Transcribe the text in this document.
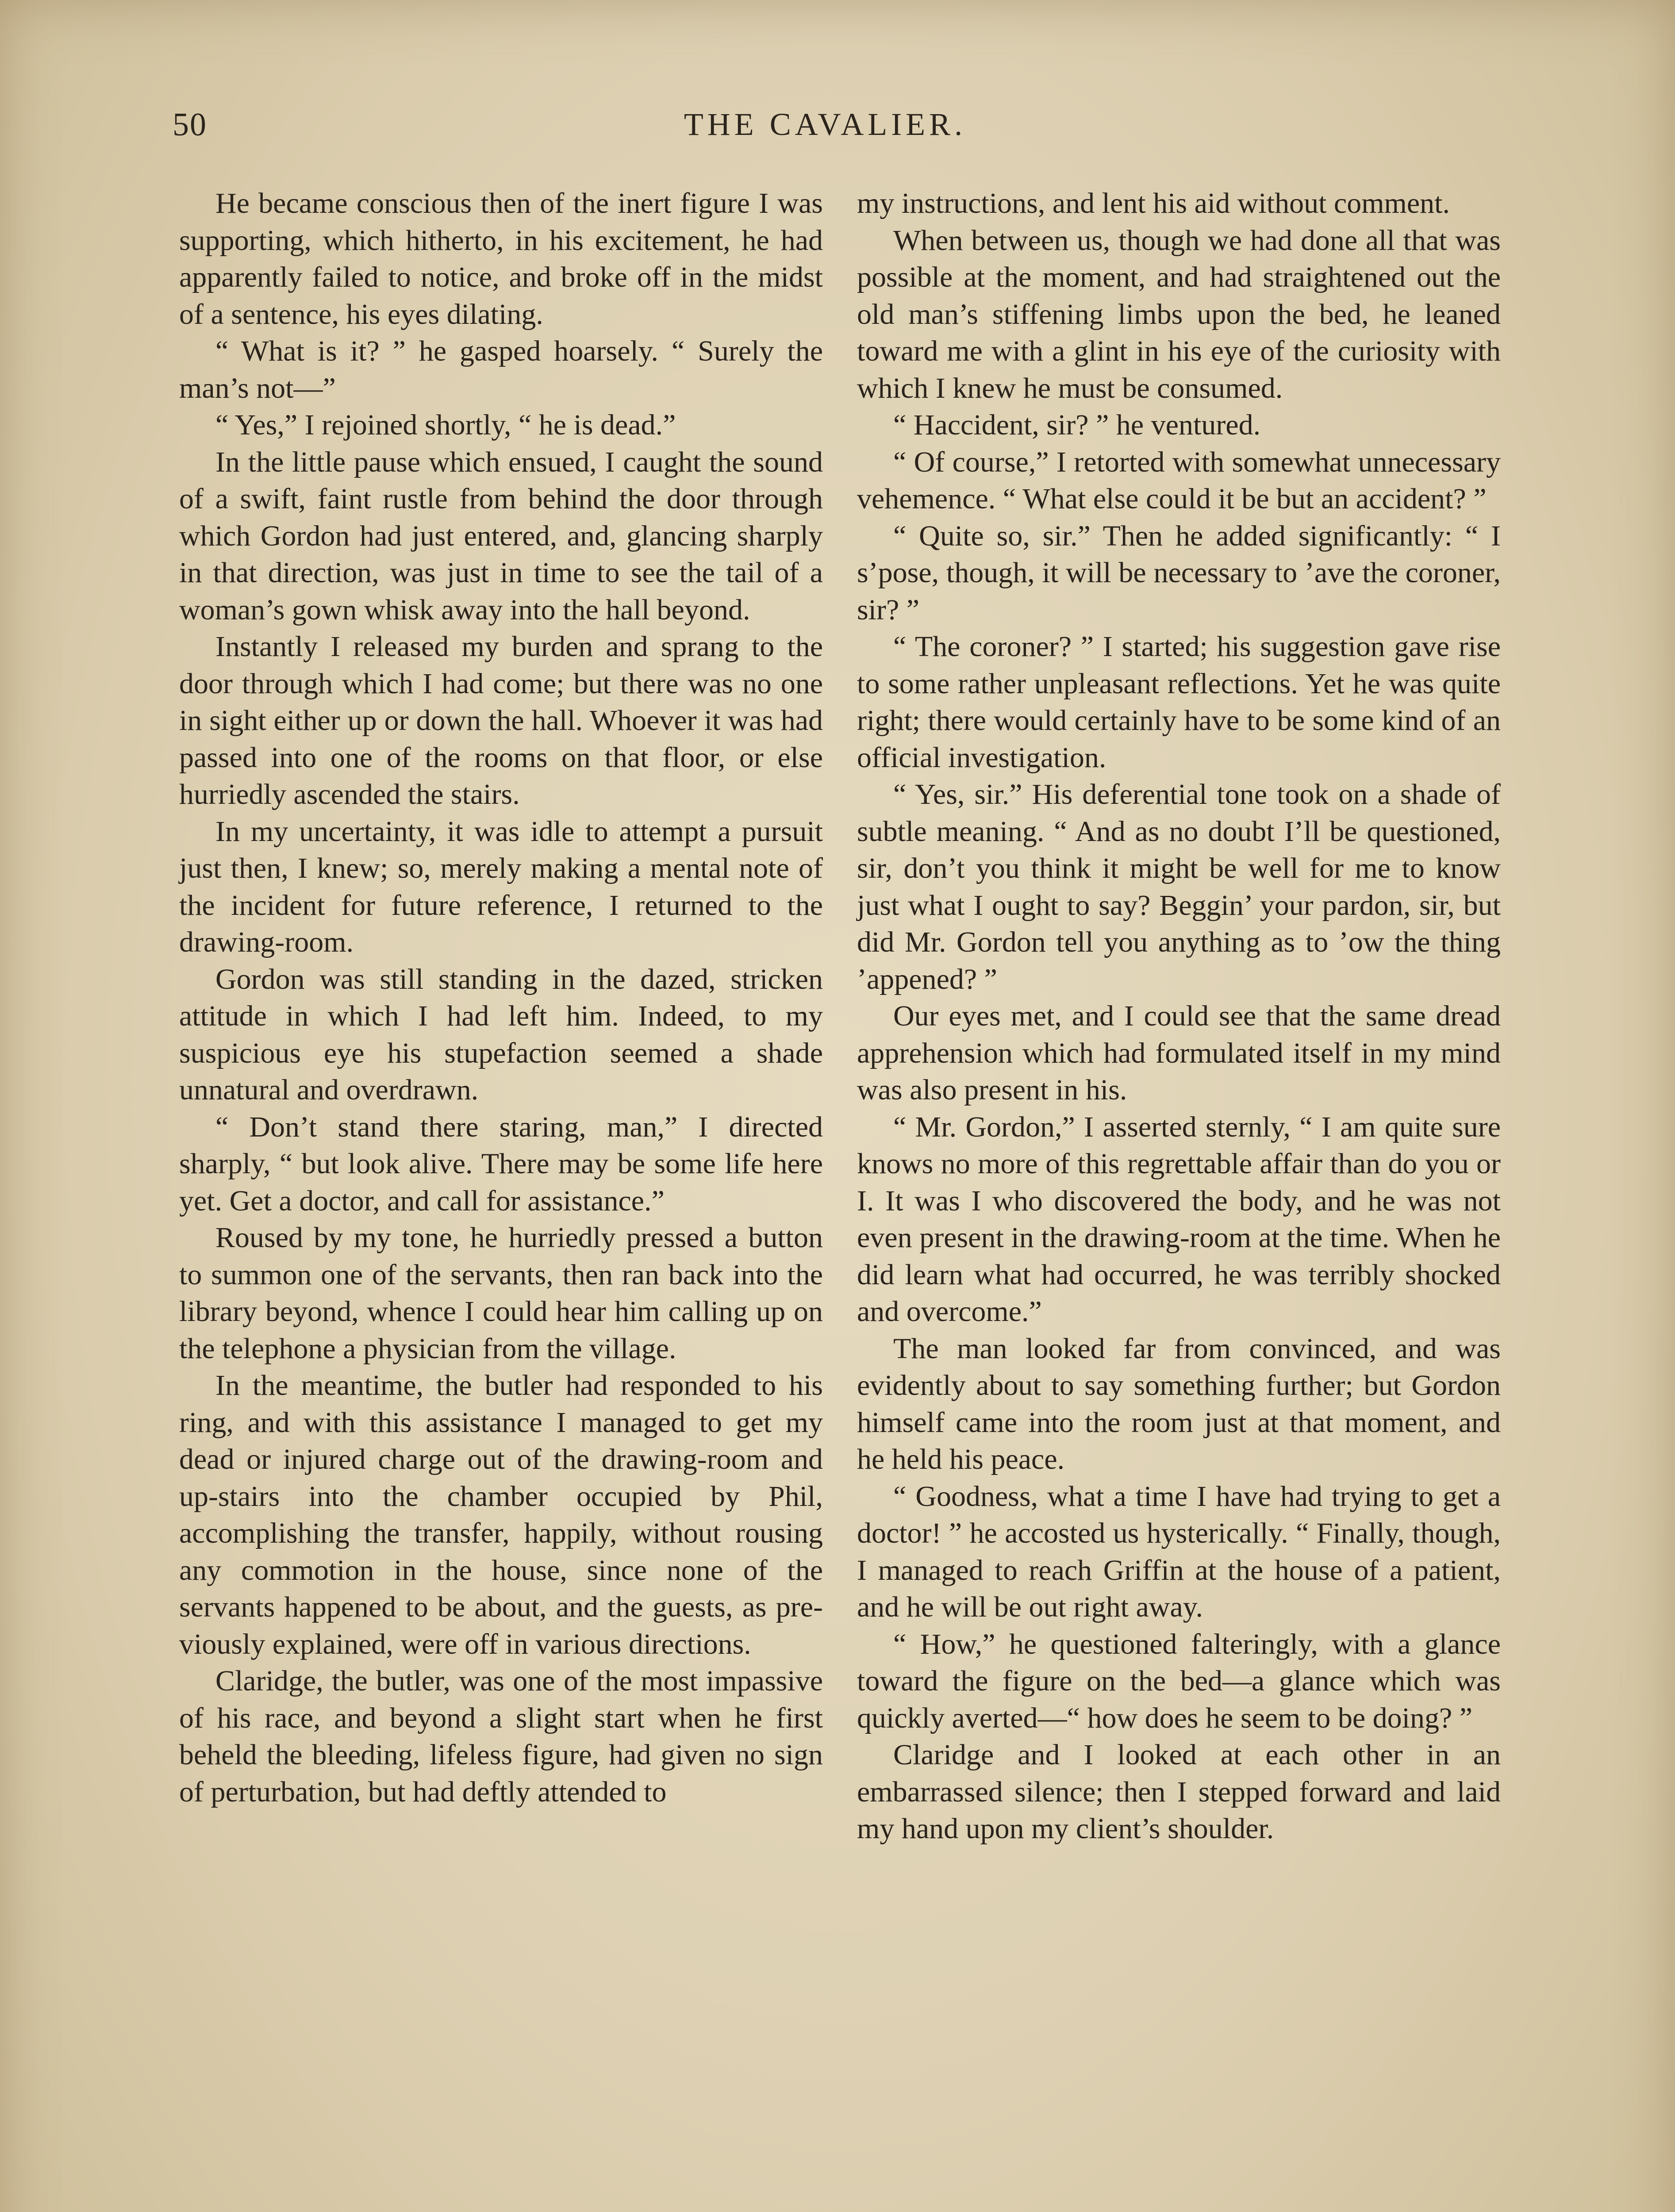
50	THE CAVALIER.

He became conscious then of the inert figure I was supporting, which hitherto, in his excitement, he had apparently failed to notice, and broke off in the midst of a sentence, his eyes dilating.

“ What is it? ” he gasped hoarsely. “ Surely the man’s not—”

“ Yes,” I rejoined shortly, “ he is dead.”

In the little pause which ensued, I caught the sound of a swift, faint rustle from behind the door through which Gordon had just entered, and, glancing sharply in that direction, was just in time to see the tail of a woman’s gown whisk away into the hall beyond.

Instantly I released my burden and sprang to the door through which I had come; but there was no one in sight either up or down the hall. Whoever it was had passed into one of the rooms on that floor, or else hurriedly ascended the stairs.

In my uncertainty, it was idle to attempt a pursuit just then, I knew; so, merely making a mental note of the incident for future reference, I returned to the drawing-room.

Gordon was still standing in the dazed, stricken attitude in which I had left him. Indeed, to my suspicious eye his stupefaction seemed a shade unnatural and overdrawn.

“ Don’t stand there staring, man,” I directed sharply, “ but look alive. There may be some life here yet. Get a doctor, and call for assistance.”

Roused by my tone, he hurriedly pressed a button to summon one of the servants, then ran back into the library beyond, whence I could hear him calling up on the telephone a physician from the village.

In the meantime, the butler had responded to his ring, and with this assistance I managed to get my dead or injured charge out of the drawing-room and up-stairs into the chamber occupied by Phil, accomplishing the transfer, happily, without rousing any commotion in the house, since none of the servants happened to be about, and the guests, as previously explained, were off in various directions.

Claridge, the butler, was one of the most impassive of his race, and beyond a slight start when he first beheld the bleeding, lifeless figure, had given no sign of perturbation, but had deftly attended to

my instructions, and lent his aid without comment.

When between us, though we had done all that was possible at the moment, and had straightened out the old man’s stiffening limbs upon the bed, he leaned toward me with a glint in his eye of the curiosity with which I knew he must be consumed.

“ Haccident, sir? ” he ventured.

“ Of course,” I retorted with somewhat unnecessary vehemence. “ What else could it be but an accident? ”

“ Quite so, sir.” Then he added significantly: “ I s’pose, though, it will be necessary to ’ave the coroner, sir? ”

“ The coroner? ” I started; his suggestion gave rise to some rather unpleasant reflections. Yet he was quite right; there would certainly have to be some kind of an official investigation.

“ Yes, sir.” His deferential tone took on a shade of subtle meaning. “ And as no doubt I’ll be questioned, sir, don’t you think it might be well for me to know just what I ought to say? Beggin’ your pardon, sir, but did Mr. Gordon tell you anything as to ’ow the thing ’appened? ”

Our eyes met, and I could see that the same dread apprehension which had formulated itself in my mind was also present in his.

“ Mr. Gordon,” I asserted sternly, “ I am quite sure knows no more of this regrettable affair than do you or I. It was I who discovered the body, and he was not even present in the drawing-room at the time. When he did learn what had occurred, he was terribly shocked and overcome.”

The man looked far from convinced, and was evidently about to say something further; but Gordon himself came into the room just at that moment, and he held his peace.

“ Goodness, what a time I have had trying to get a doctor! ” he accosted us hysterically. “ Finally, though, I managed to reach Griffin at the house of a patient, and he will be out right away.

“ How,” he questioned falteringly, with a glance toward the figure on the bed—a glance which was quickly averted—“ how does he seem to be doing? ”

Claridge and I looked at each other in an embarrassed silence; then I stepped forward and laid my hand upon my client’s shoulder.
